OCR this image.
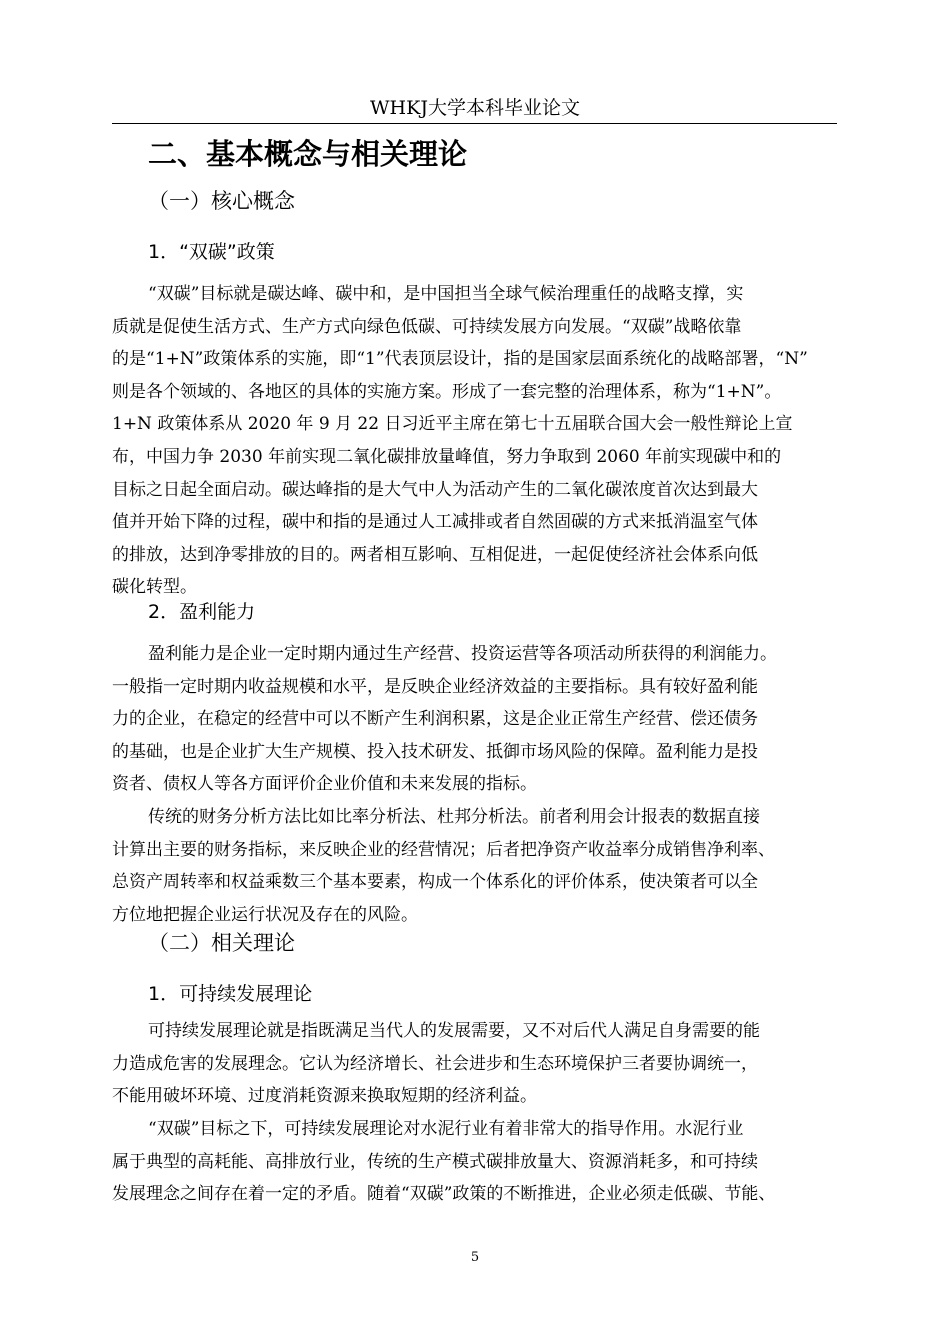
WHKJ大学本科毕业论文
二、基本概念与相关理论
（一）核心概念
1．“双碳”政策

“双碳”目标就是碳达峰、碳中和，是中国担当全球气候治理重任的战略支撑，实
质就是促使生活方式、生产方式向绿色低碳、可持续发展方向发展。“双碳”战略依靠
的是“1+N”政策体系的实施，即“1”代表顶层设计，指的是国家层面系统化的战略部署，“N”
则是各个领域的、各地区的具体的实施方案。形成了一套完整的治理体系，称为“1+N”。
1+N 政策体系从 2020 年 9 月 22 日习近平主席在第七十五届联合国大会一般性辩论上宣
布，中国力争 2030 年前实现二氧化碳排放量峰值，努力争取到 2060 年前实现碳中和的
目标之日起全面启动。碳达峰指的是大气中人为活动产生的二氧化碳浓度首次达到最大
值并开始下降的过程，碳中和指的是通过人工减排或者自然固碳的方式来抵消温室气体
的排放，达到净零排放的目的。两者相互影响、互相促进，一起促使经济社会体系向低
碳化转型。

2．盈利能力

盈利能力是企业一定时期内通过生产经营、投资运营等各项活动所获得的利润能力。
一般指一定时期内收益规模和水平，是反映企业经济效益的主要指标。具有较好盈利能
力的企业，在稳定的经营中可以不断产生利润积累，这是企业正常生产经营、偿还债务
的基础，也是企业扩大生产规模、投入技术研发、抵御市场风险的保障。盈利能力是投
资者、债权人等各方面评价企业价值和未来发展的指标。

传统的财务分析方法比如比率分析法、杜邦分析法。前者利用会计报表的数据直接
计算出主要的财务指标，来反映企业的经营情况；后者把净资产收益率分成销售净利率、
总资产周转率和权益乘数三个基本要素，构成一个体系化的评价体系，使决策者可以全
方位地把握企业运行状况及存在的风险。

（二）相关理论
1．可持续发展理论

可持续发展理论就是指既满足当代人的发展需要，又不对后代人满足自身需要的能
力造成危害的发展理念。它认为经济增长、社会进步和生态环境保护三者要协调统一，
不能用破坏环境、过度消耗资源来换取短期的经济利益。

“双碳”目标之下，可持续发展理论对水泥行业有着非常大的指导作用。水泥行业
属于典型的高耗能、高排放行业，传统的生产模式碳排放量大、资源消耗多，和可持续
发展理念之间存在着一定的矛盾。随着“双碳”政策的不断推进，企业必须走低碳、节能、

5
